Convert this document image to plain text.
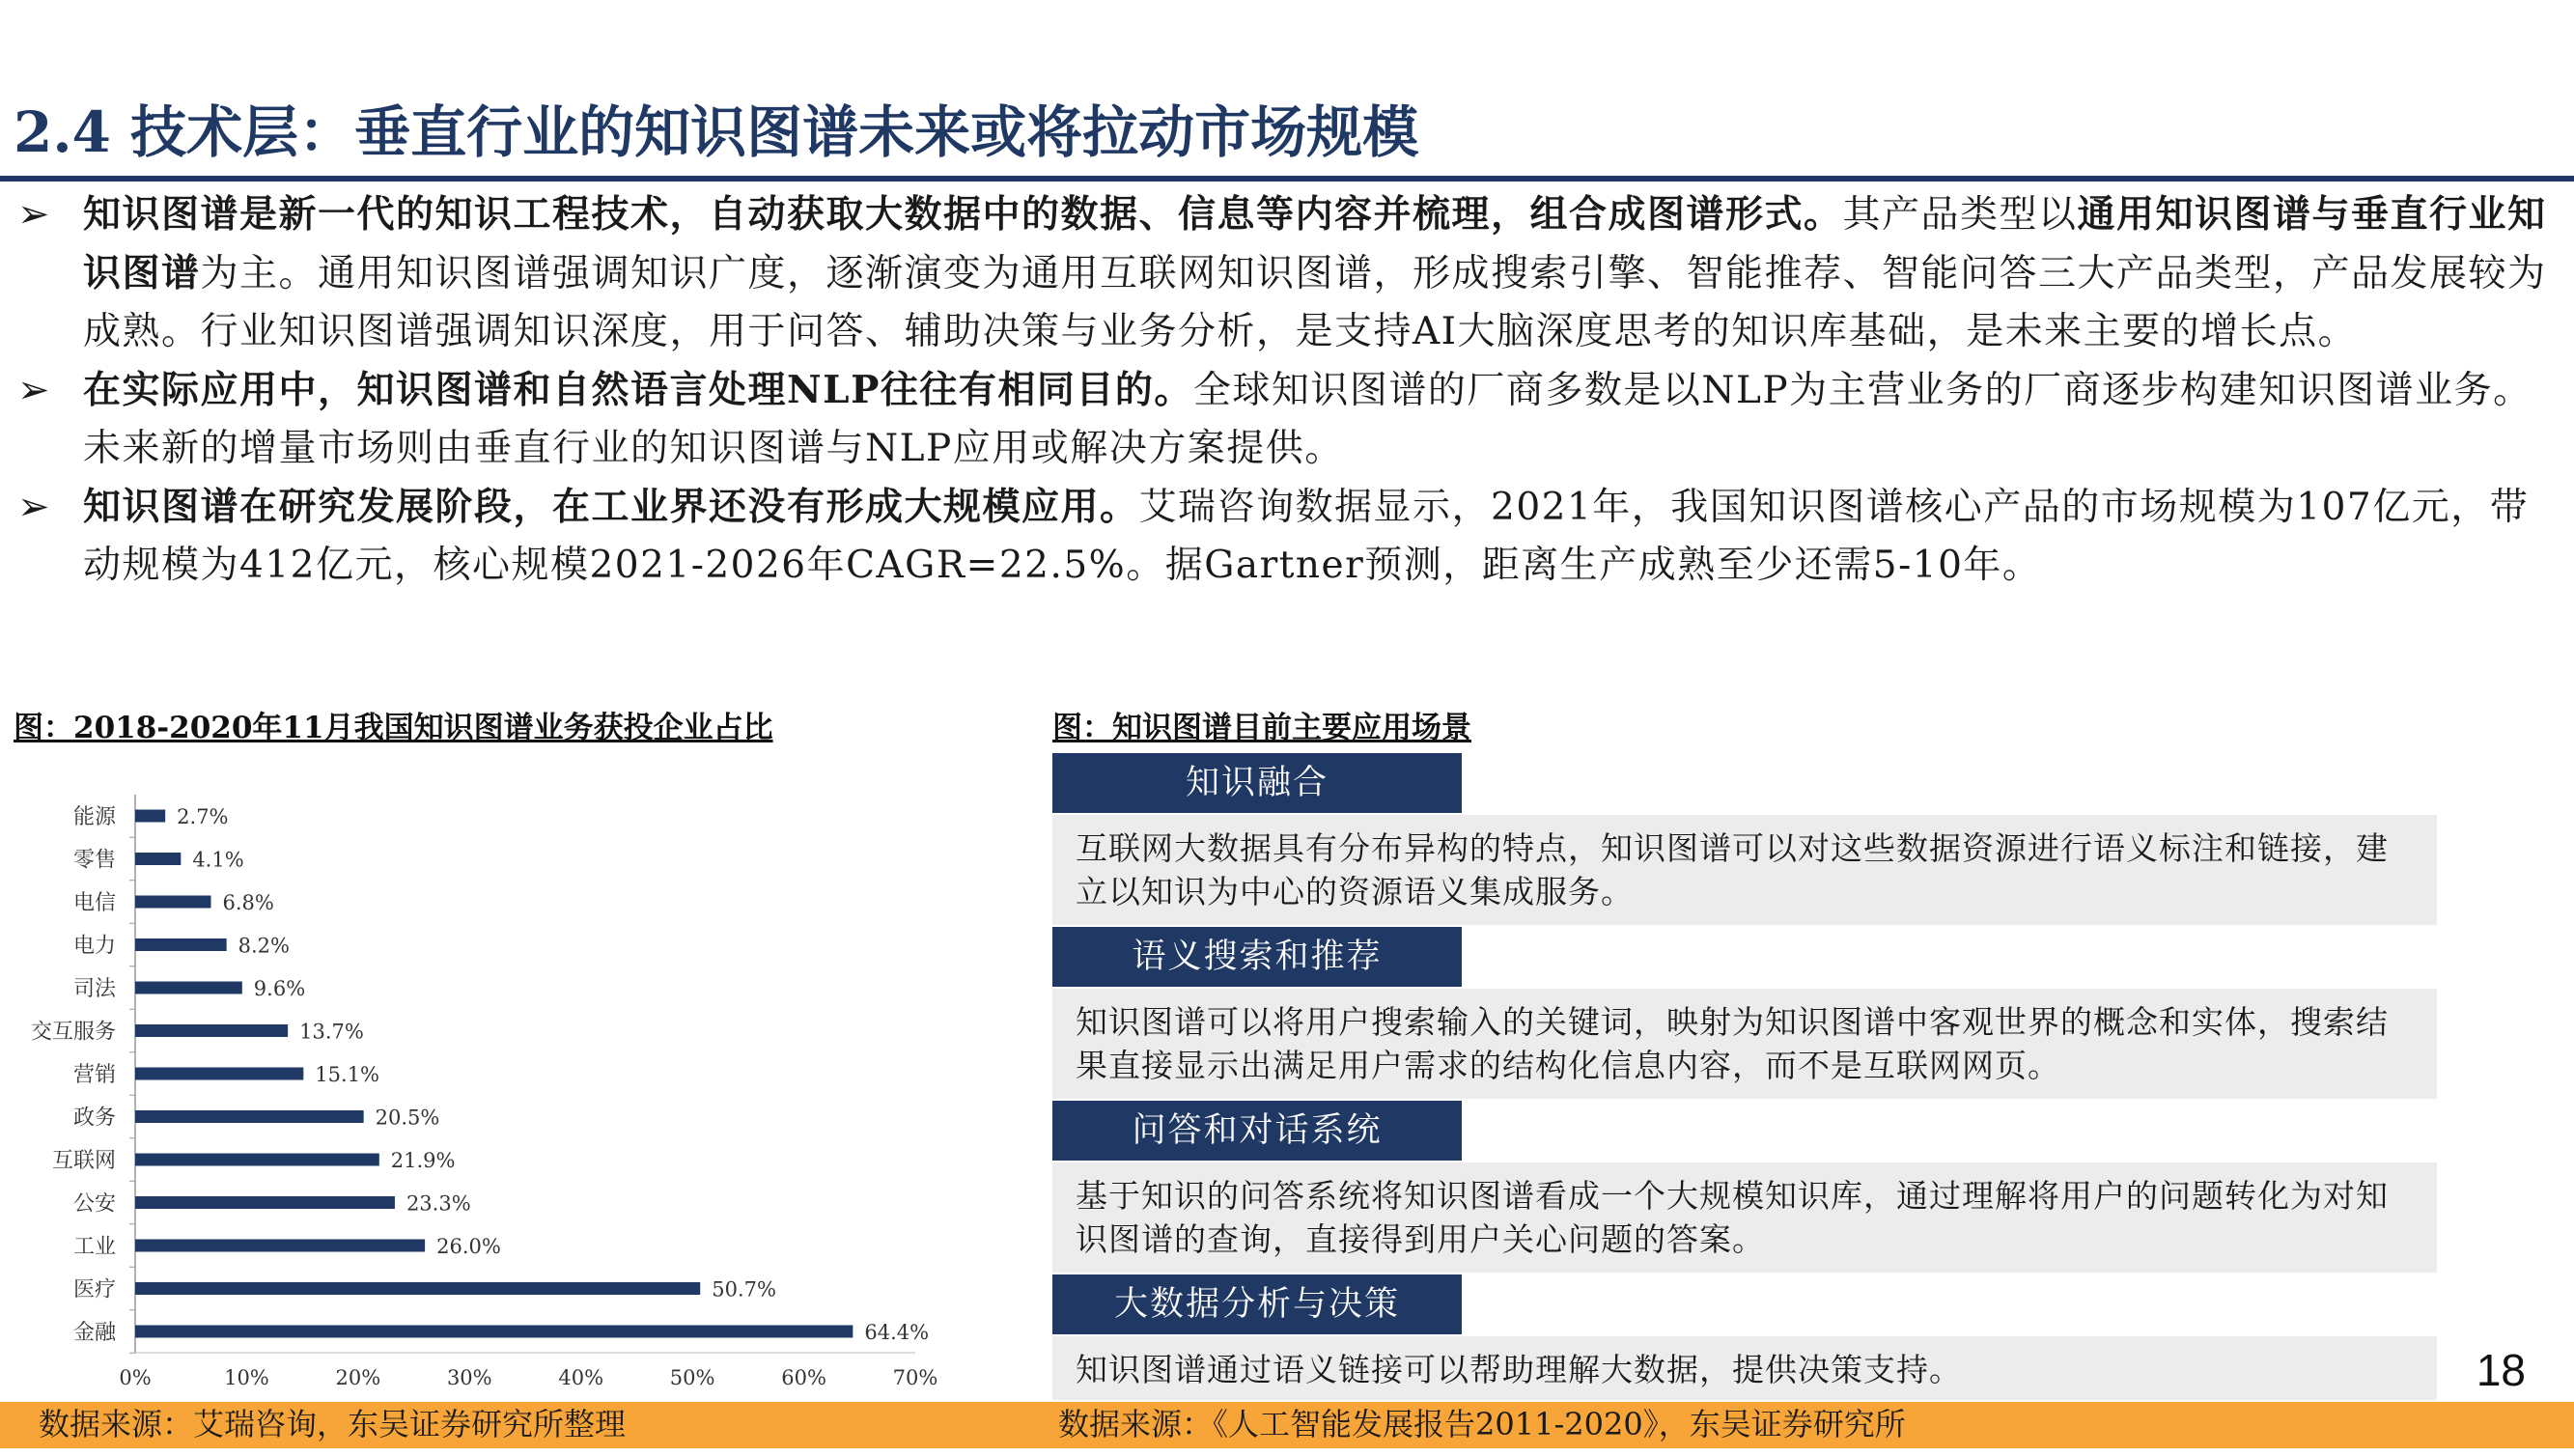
2.4 技术层：垂直行业的知识图谱未来或将拉动市场规模
➢ 知识图谱是新一代的知识工程技术，自动获取大数据中的数据、信息等内容并梳理，组合成图谱形式。其产品类型以通用知识图谱与垂直行业知识图谱为主。通用知识图谱强调知识广度，逐渐演变为通用互联网知识图谱，形成搜索引擎、智能推荐、智能问答三大产品类型，产品发展较为成熟。行业知识图谱强调知识深度，用于问答、辅助决策与业务分析，是支持AI大脑深度思考的知识库基础，是未来主要的增长点。
➢ 在实际应用中，知识图谱和自然语言处理NLP往往有相同目的。全球知识图谱的厂商多数是以NLP为主营业务的厂商逐步构建知识图谱业务。未来新的增量市场则由垂直行业的知识图谱与NLP应用或解决方案提供。
➢ 知识图谱在研究发展阶段，在工业界还没有形成大规模应用。艾瑞咨询数据显示，2021年，我国知识图谱核心产品的市场规模为107亿元，带动规模为412亿元，核心规模2021-2026年CAGR=22.5%。据Gartner预测，距离生产成熟至少还需5-10年。
图：2018-2020年11月我国知识图谱业务获投企业占比	图：知识图谱目前主要应用场景
能源	2.7%
零售	4.1%
电信	6.8%
电力	8.2%
司法	9.6%
交互服务	13.7%
营销	15.1%
政务	20.5%
互联网	21.9%
公安	23.3%
工业	26.0%
医疗	50.7%
金融	64.4%
0%	10%	20%	30%	40%	50%	60%	70%
知识融合
互联网大数据具有分布异构的特点，知识图谱可以对这些数据资源进行语义标注和链接，建立以知识为中心的资源语义集成服务。
语义搜索和推荐
知识图谱可以将用户搜索输入的关键词，映射为知识图谱中客观世界的概念和实体，搜索结果直接显示出满足用户需求的结构化信息内容，而不是互联网网页。
问答和对话系统
基于知识的问答系统将知识图谱看成一个大规模知识库，通过理解将用户的问题转化为对知识图谱的查询，直接得到用户关心问题的答案。
大数据分析与决策
知识图谱通过语义链接可以帮助理解大数据，提供决策支持。	18
数据来源：艾瑞咨询，东吴证券研究所整理	数据来源：《人工智能发展报告2011-2020》，东吴证券研究所
